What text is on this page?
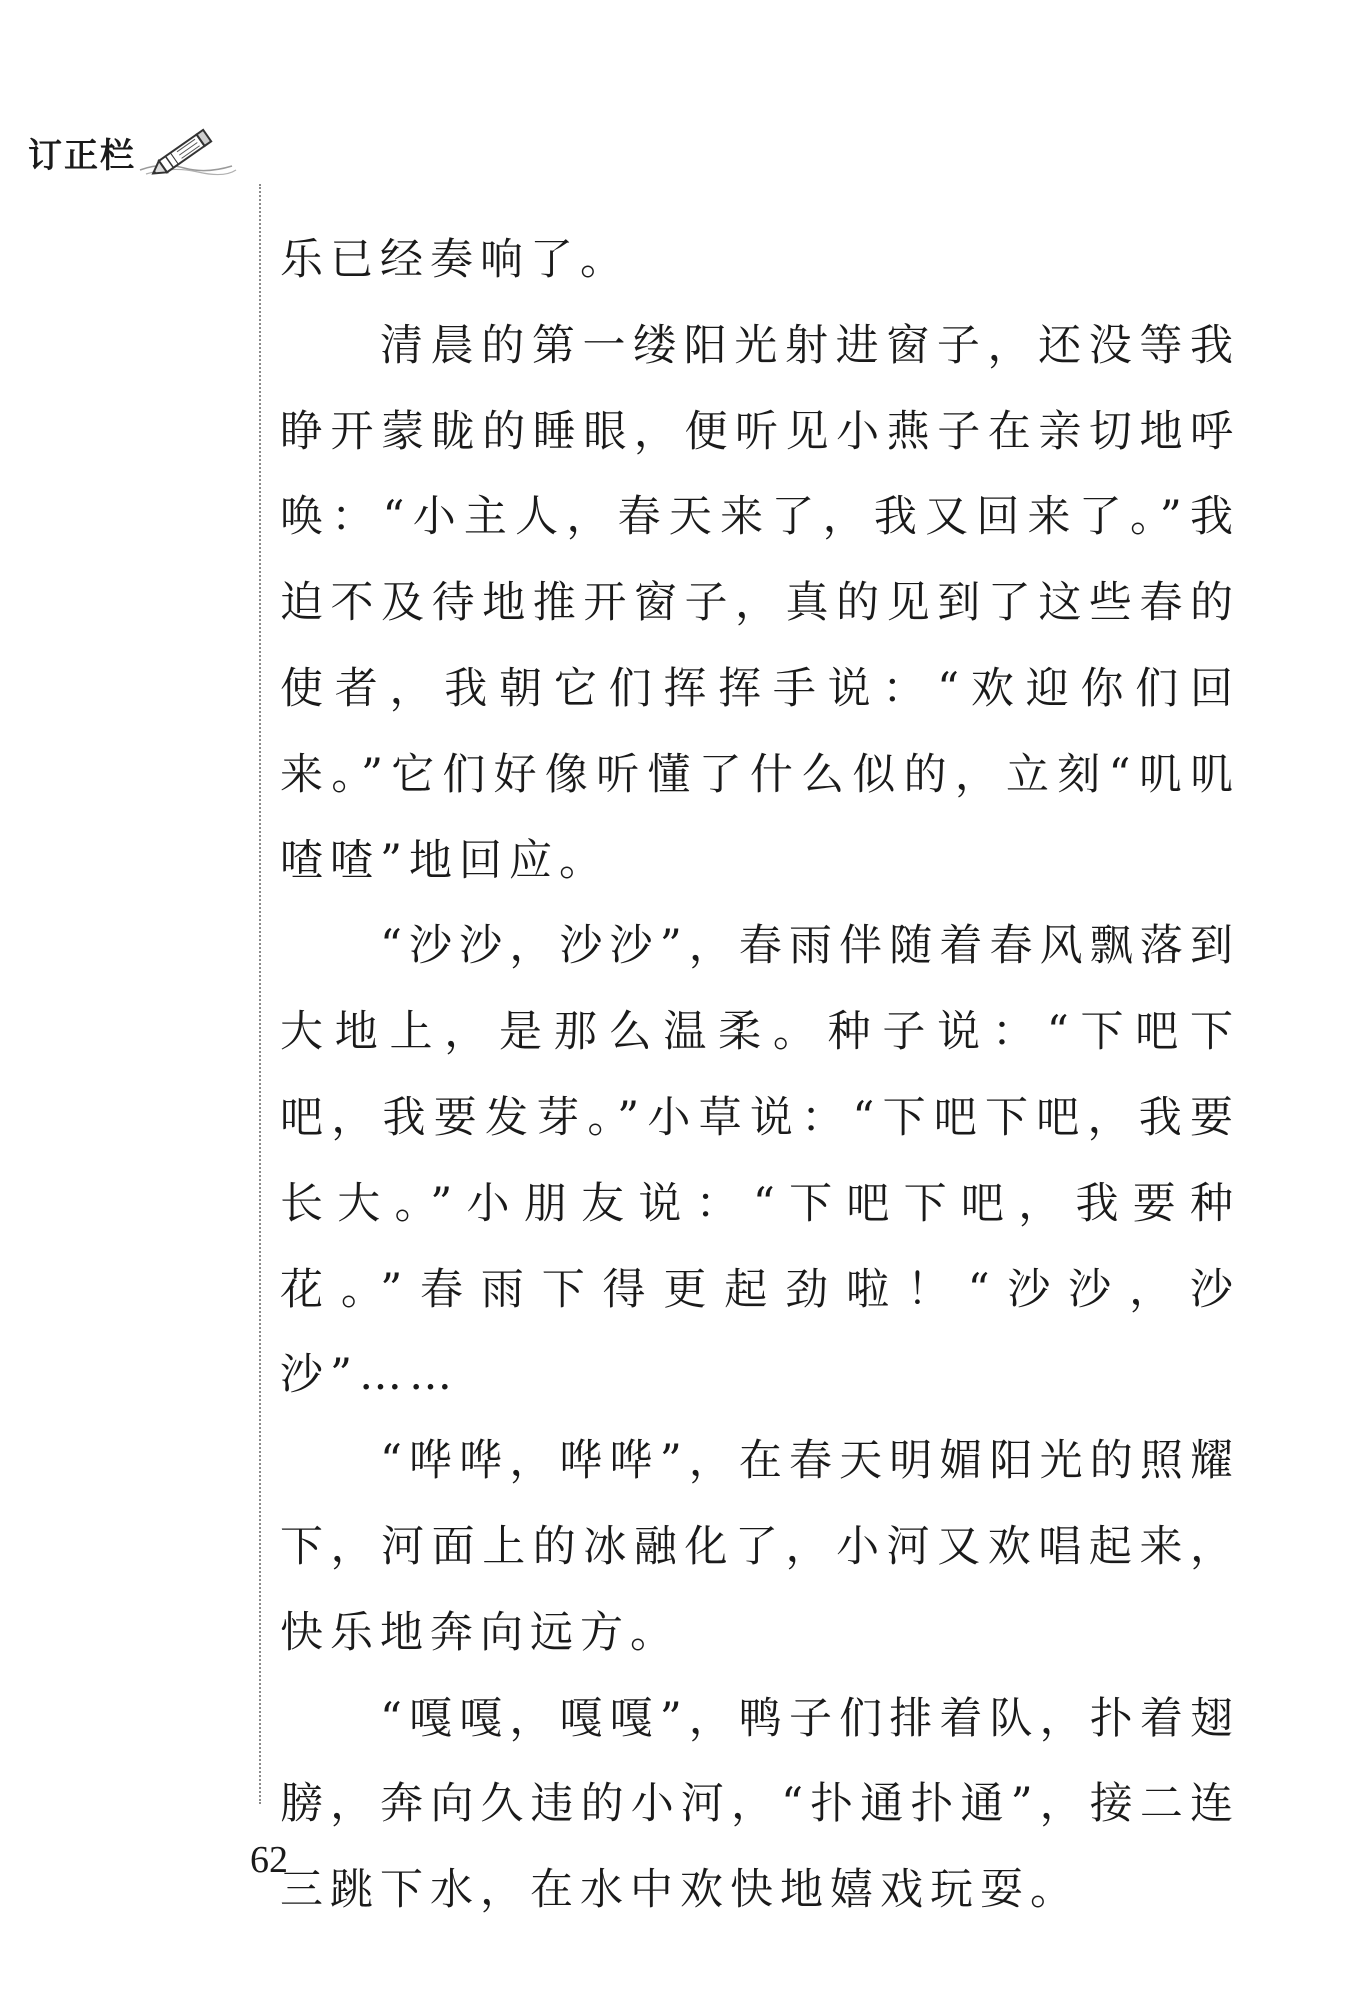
订正栏

乐已经奏响了。

清晨的第一缕阳光射进窗子，还没等我睁开蒙眬的睡眼，便听见小燕子在亲切地呼唤：“小主人，春天来了，我又回来了。”我迫不及待地推开窗子，真的见到了这些春的使者，我朝它们挥挥手说：“欢迎你们回来。”它们好像听懂了什么似的，立刻“叽叽喳喳”地回应。

“沙沙，沙沙”，春雨伴随着春风飘落到大地上，是那么温柔。种子说：“下吧下吧，我要发芽。”小草说：“下吧下吧，我要长大。”小朋友说：“下吧下吧，我要种花。”春雨下得更起劲啦！“沙沙，沙沙”……

“哗哗，哗哗”，在春天明媚阳光的照耀下，河面上的冰融化了，小河又欢唱起来，快乐地奔向远方。

“嘎嘎，嘎嘎”，鸭子们排着队，扑着翅膀，奔向久违的小河，“扑通扑通”，接二连三跳下水，在水中欢快地嬉戏玩耍。

62
